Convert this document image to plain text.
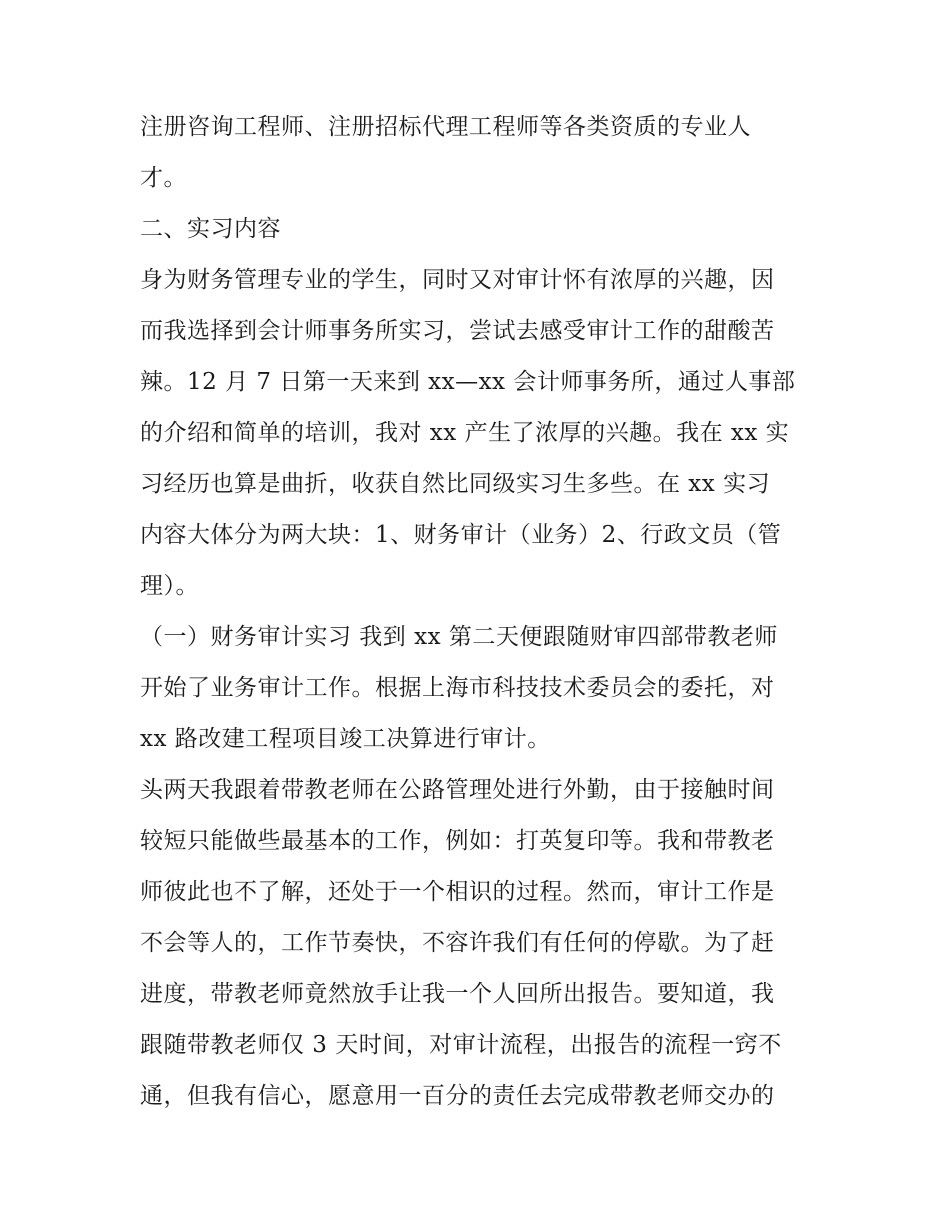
注册咨询工程师、注册招标代理工程师等各类资质的专业人
才。
二、实习内容
身为财务管理专业的学生，同时又对审计怀有浓厚的兴趣，因
而我选择到会计师事务所实习，尝试去感受审计工作的甜酸苦
辣。12 月 7 日第一天来到 xx—xx 会计师事务所，通过人事部
的介绍和简单的培训，我对 xx 产生了浓厚的兴趣。我在 xx 实
习经历也算是曲折，收获自然比同级实习生多些。在 xx 实习
内容大体分为两大块：1、财务审计（业务）2、行政文员（管
理）。
（一）财务审计实习 我到 xx 第二天便跟随财审四部带教老师
开始了业务审计工作。根据上海市科技技术委员会的委托，对
xx 路改建工程项目竣工决算进行审计。
头两天我跟着带教老师在公路管理处进行外勤，由于接触时间
较短只能做些最基本的工作，例如：打英复印等。我和带教老
师彼此也不了解，还处于一个相识的过程。然而，审计工作是
不会等人的，工作节奏快，不容许我们有任何的停歇。为了赶
进度，带教老师竟然放手让我一个人回所出报告。要知道，我
跟随带教老师仅 3 天时间，对审计流程，出报告的流程一窍不
通，但我有信心，愿意用一百分的责任去完成带教老师交办的
